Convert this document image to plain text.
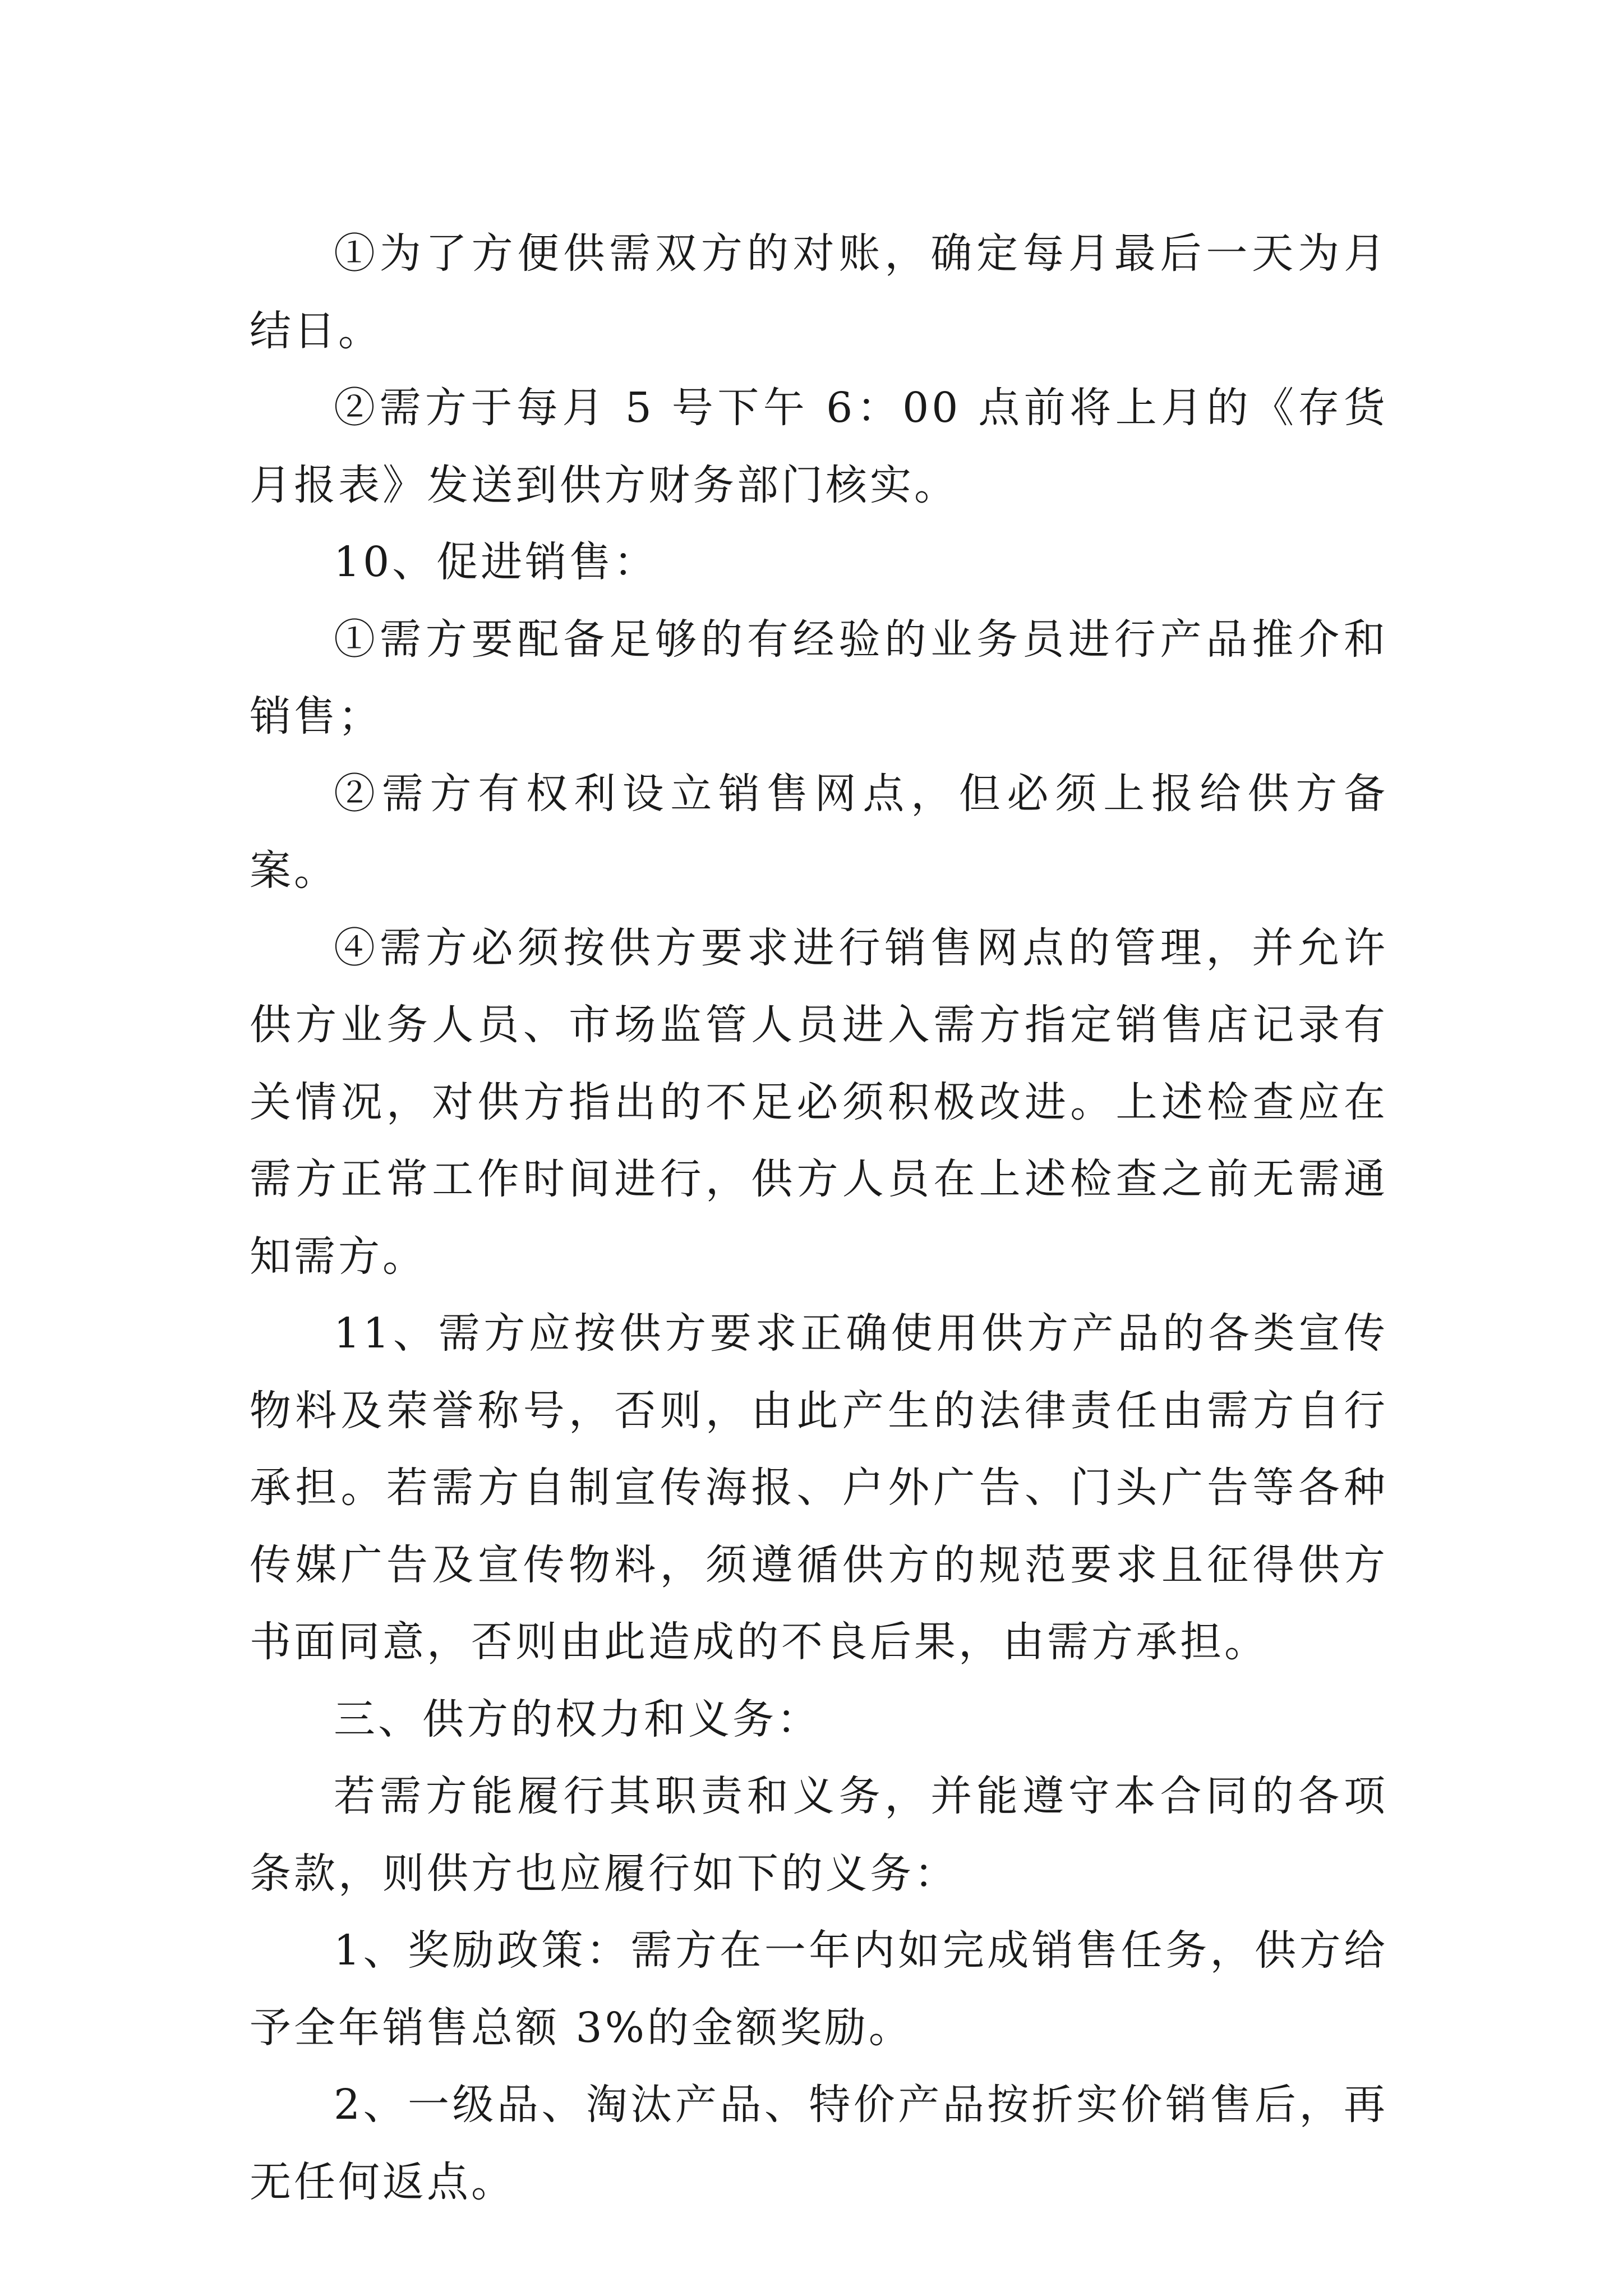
①为了方便供需双方的对账，确定每月最后一天为月结日。

②需方于每月 5 号下午 6：00 点前将上月的《存货月报表》发送到供方财务部门核实。

10、促进销售：

①需方要配备足够的有经验的业务员进行产品推介和销售；

②需方有权利设立销售网点，但必须上报给供方备案。

④需方必须按供方要求进行销售网点的管理，并允许供方业务人员、市场监管人员进入需方指定销售店记录有关情况，对供方指出的不足必须积极改进。上述检查应在需方正常工作时间进行，供方人员在上述检查之前无需通知需方。

11、需方应按供方要求正确使用供方产品的各类宣传物料及荣誉称号，否则，由此产生的法律责任由需方自行承担。若需方自制宣传海报、户外广告、门头广告等各种传媒广告及宣传物料，须遵循供方的规范要求且征得供方书面同意，否则由此造成的不良后果，由需方承担。

三、供方的权力和义务：

若需方能履行其职责和义务，并能遵守本合同的各项条款，则供方也应履行如下的义务：

1、奖励政策：需方在一年内如完成销售任务，供方给予全年销售总额 3%的金额奖励。

2、一级品、淘汰产品、特价产品按折实价销售后，再无任何返点。
